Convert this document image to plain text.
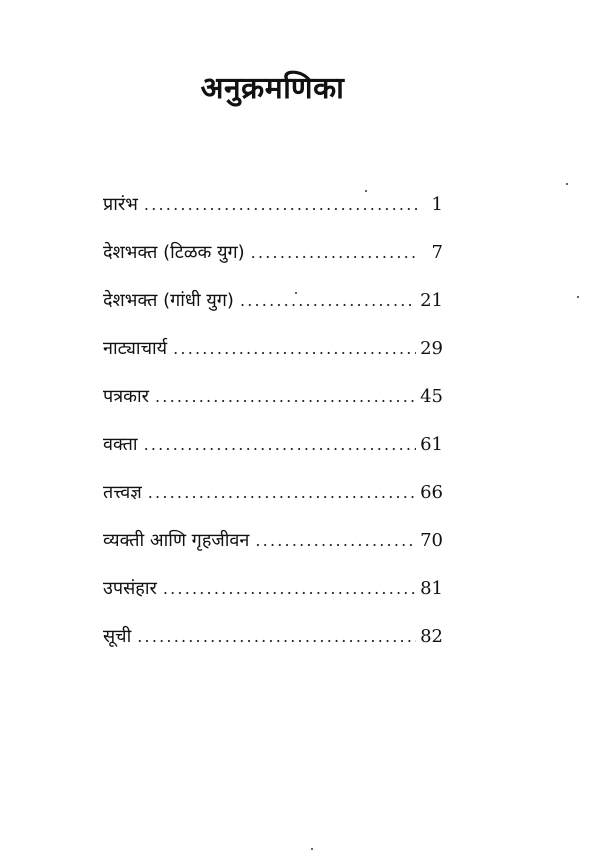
अनुक्रमणिका
प्रारंभ .....	1
देशभक्त (टिळक युग) .....	7
देशभक्त (गांधी युग) .....	21
नाट्याचार्य .....	29
पत्रकार .....	45
वक्ता .....	61
तत्त्वज्ञ .....	66
व्यक्ती आणि गृहजीवन .....	70
उपसंहार .....	81
सूची .....	82
